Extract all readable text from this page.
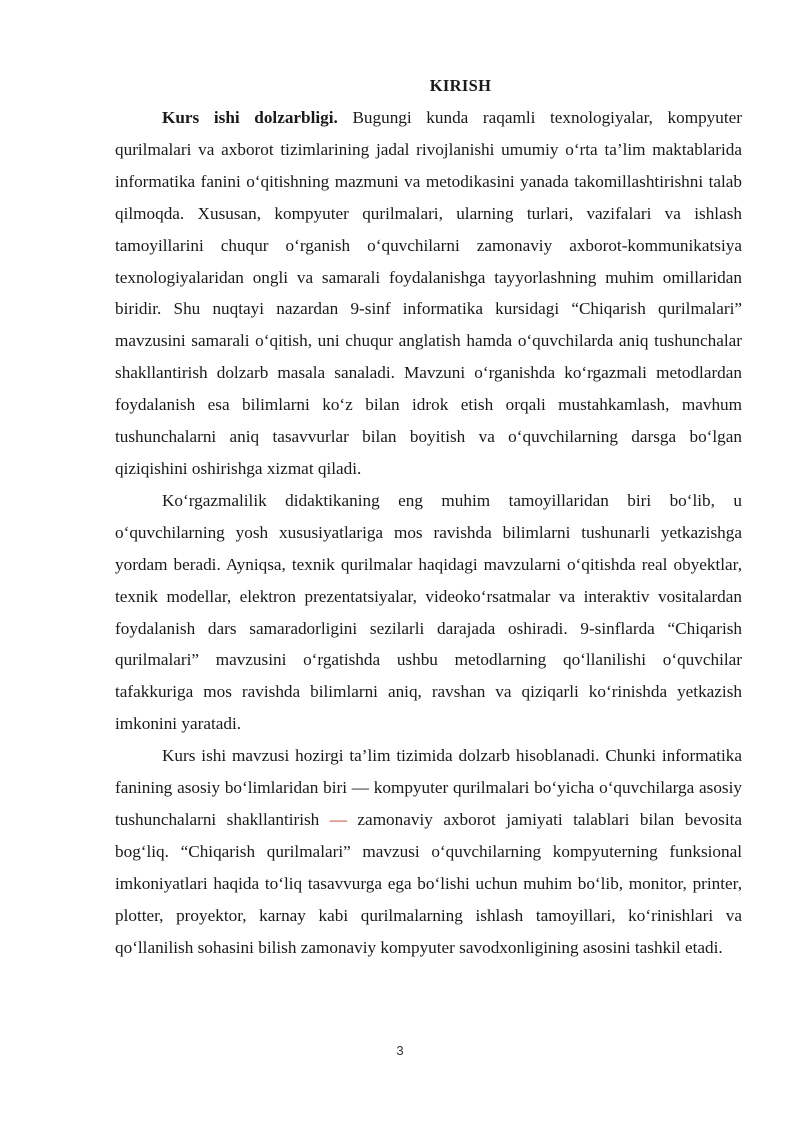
KIRISH

Kurs ishi dolzarbligi. Bugungi kunda raqamli texnologiyalar, kompyuter qurilmalari va axborot tizimlarining jadal rivojlanishi umumiy o‘rta ta’lim maktablarida informatika fanini o‘qitishning mazmuni va metodikasini yanada takomillashtirishni talab qilmoqda. Xususan, kompyuter qurilmalari, ularning turlari, vazifalari va ishlash tamoyillarini chuqur o‘rganish o‘quvchilarni zamonaviy axborot-kommunikatsiya texnologiyalaridan ongli va samarali foydalanishga tayyorlashning muhim omillaridan biridir. Shu nuqtayi nazardan 9-sinf informatika kursidagi “Chiqarish qurilmalari” mavzusini samarali o‘qitish, uni chuqur anglatish hamda o‘quvchilarda aniq tushunchalar shakllantirish dolzarb masala sanaladi. Mavzuni o‘rganishda ko‘rgazmali metodlardan foydalanish esa bilimlarni ko‘z bilan idrok etish orqali mustahkamlash, mavhum tushunchalarni aniq tasavvurlar bilan boyitish va o‘quvchilarning darsga bo‘lgan qiziqishini oshirishga xizmat qiladi.

Ko‘rgazmalilik didaktikaning eng muhim tamoyillaridan biri bo‘lib, u o‘quvchilarning yosh xususiyatlariga mos ravishda bilimlarni tushunarli yetkazishga yordam beradi. Ayniqsa, texnik qurilmalar haqidagi mavzularni o‘qitishda real obyektlar, texnik modellar, elektron prezentatsiyalar, videoko‘rsatmalar va interaktiv vositalardan foydalanish dars samaradorligini sezilarli darajada oshiradi. 9-sinflarda “Chiqarish qurilmalari” mavzusini o‘rgatishda ushbu metodlarning qo‘llanilishi o‘quvchilar tafakkuriga mos ravishda bilimlarni aniq, ravshan va qiziqarli ko‘rinishda yetkazish imkonini yaratadi.

Kurs ishi mavzusi hozirgi ta’lim tizimida dolzarb hisoblanadi. Chunki informatika fanining asosiy bo‘limlaridan biri — kompyuter qurilmalari bo‘yicha o‘quvchilarga asosiy tushunchalarni shakllantirish — zamonaviy axborot jamiyati talablari bilan bevosita bog‘liq. “Chiqarish qurilmalari” mavzusi o‘quvchilarning kompyuterning funksional imkoniyatlari haqida to‘liq tasavvurga ega bo‘lishi uchun muhim bo‘lib, monitor, printer, plotter, proyektor, karnay kabi qurilmalarning ishlash tamoyillari, ko‘rinishlari va qo‘llanilish sohasini bilish zamonaviy kompyuter savodxonligining asosini tashkil etadi.

3
